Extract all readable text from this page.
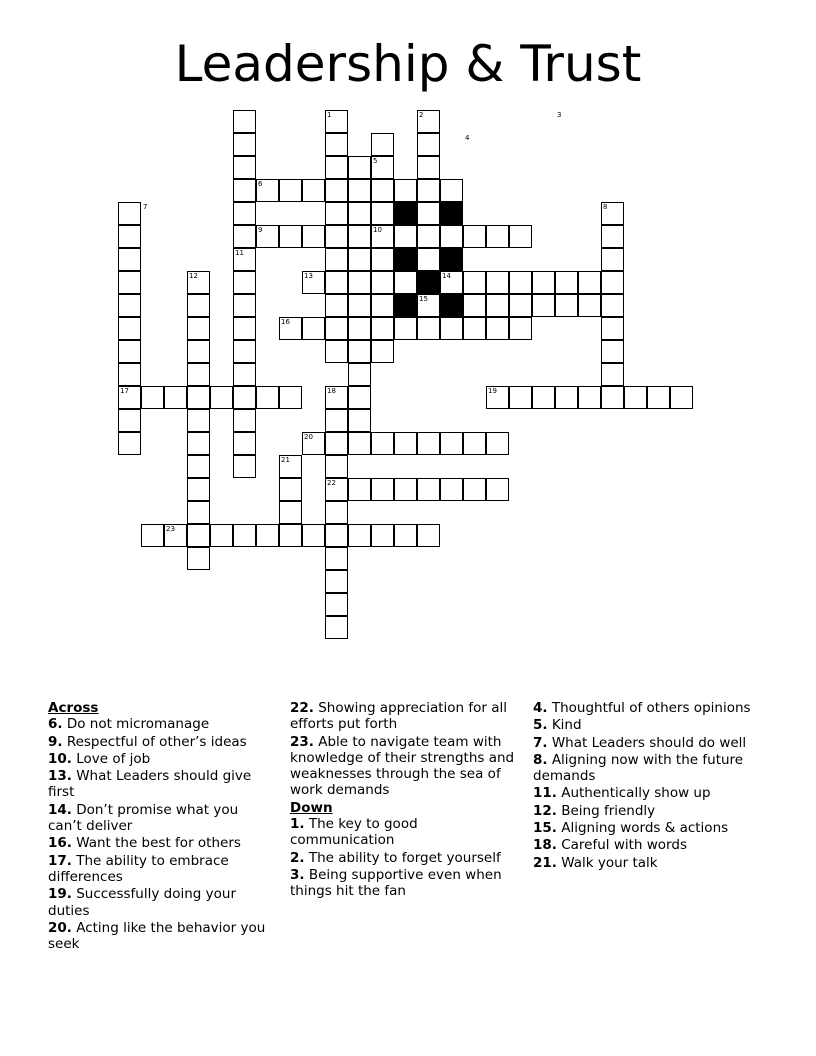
Leadership & Trust
1	2	3
4
5
6
7	8
9	10
11
12	13	14
15
16
17	18	19
20
21
22
23
Across
6. Do not micromanage
9. Respectful of other’s ideas
10. Love of job
13. What Leaders should give first
14. Don’t promise what you can’t deliver
16. Want the best for others
17. The ability to embrace differences
19. Successfully doing your duties
20. Acting like the behavior you seek
22. Showing appreciation for all efforts put forth
23. Able to navigate team with knowledge of their strengths and weaknesses through the sea of work demands
Down
1. The key to good communication
2. The ability to forget yourself
3. Being supportive even when things hit the fan
4. Thoughtful of others opinions
5. Kind
7. What Leaders should do well
8. Aligning now with the future demands
11. Authentically show up
12. Being friendly
15. Aligning words & actions
18. Careful with words
21. Walk your talk
